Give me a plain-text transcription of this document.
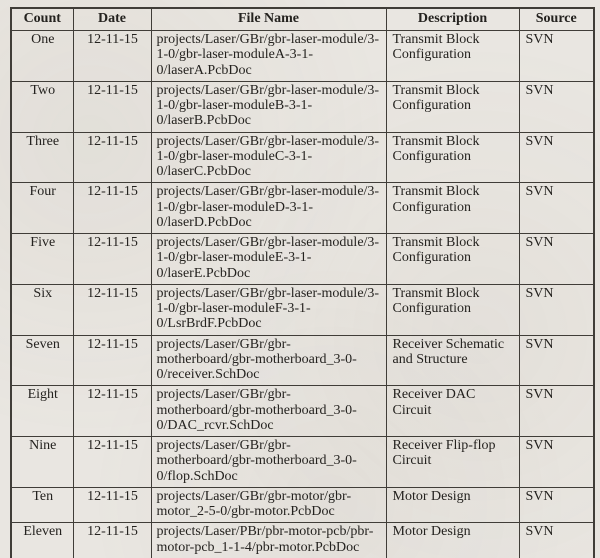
Count	Date	File Name	Description	Source
One	12-11-15	projects/Laser/GBr/gbr-laser-module/3-1-0/gbr-laser-moduleA-3-1-0/laserA.PcbDoc	Transmit Block Configuration	SVN
Two	12-11-15	projects/Laser/GBr/gbr-laser-module/3-1-0/gbr-laser-moduleB-3-1-0/laserB.PcbDoc	Transmit Block Configuration	SVN
Three	12-11-15	projects/Laser/GBr/gbr-laser-module/3-1-0/gbr-laser-moduleC-3-1-0/laserC.PcbDoc	Transmit Block Configuration	SVN
Four	12-11-15	projects/Laser/GBr/gbr-laser-module/3-1-0/gbr-laser-moduleD-3-1-0/laserD.PcbDoc	Transmit Block Configuration	SVN
Five	12-11-15	projects/Laser/GBr/gbr-laser-module/3-1-0/gbr-laser-moduleE-3-1-0/laserE.PcbDoc	Transmit Block Configuration	SVN
Six	12-11-15	projects/Laser/GBr/gbr-laser-module/3-1-0/gbr-laser-moduleF-3-1-0/LsrBrdF.PcbDoc	Transmit Block Configuration	SVN
Seven	12-11-15	projects/Laser/GBr/gbr-motherboard/gbr-motherboard_3-0-0/receiver.SchDoc	Receiver Schematic and Structure	SVN
Eight	12-11-15	projects/Laser/GBr/gbr-motherboard/gbr-motherboard_3-0-0/DAC_rcvr.SchDoc	Receiver DAC Circuit	SVN
Nine	12-11-15	projects/Laser/GBr/gbr-motherboard/gbr-motherboard_3-0-0/flop.SchDoc	Receiver Flip-flop Circuit	SVN
Ten	12-11-15	projects/Laser/GBr/gbr-motor/gbr-motor_2-5-0/gbr-motor.PcbDoc	Motor Design	SVN
Eleven	12-11-15	projects/Laser/PBr/pbr-motor-pcb/pbr-motor-pcb_1-1-4/pbr-motor.PcbDoc	Motor Design	SVN
